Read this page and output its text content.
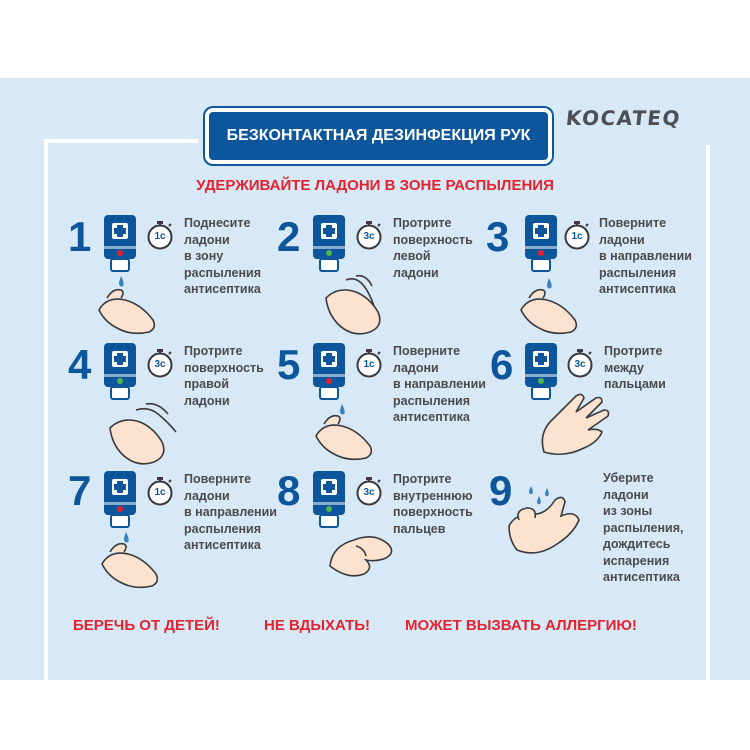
KOCATEQ
БЕЗКОНТАКТНАЯ ДЕЗИНФЕКЦИЯ РУК
УДЕРЖИВАЙТЕ ЛАДОНИ В ЗОНЕ РАСПЫЛЕНИЯ
1	1с
Поднесите
ладони
в зону
распыления
антисептика
2	3с
Протрите
поверхность
левой
ладони
3	1с
Поверните
ладони
в направлении
распыления
антисептика
4	3с
Протрите
поверхность
правой
ладони
5	1с
Поверните
ладони
в направлении
распыления
антисептика
6	3с
Протрите
между
пальцами
7	1с
Поверните
ладони
в направлении
распыления
антисептика
8	3с
Протрите
внутреннюю
поверхность
пальцев
9	Уберите
ладони
из зоны
распыления,
дождитесь
испарения
антисептика
БЕРЕЧЬ ОТ ДЕТЕЙ!	НЕ ВДЫХАТЬ! МОЖЕТ ВЫЗВАТЬ АЛЛЕРГИЮ!
